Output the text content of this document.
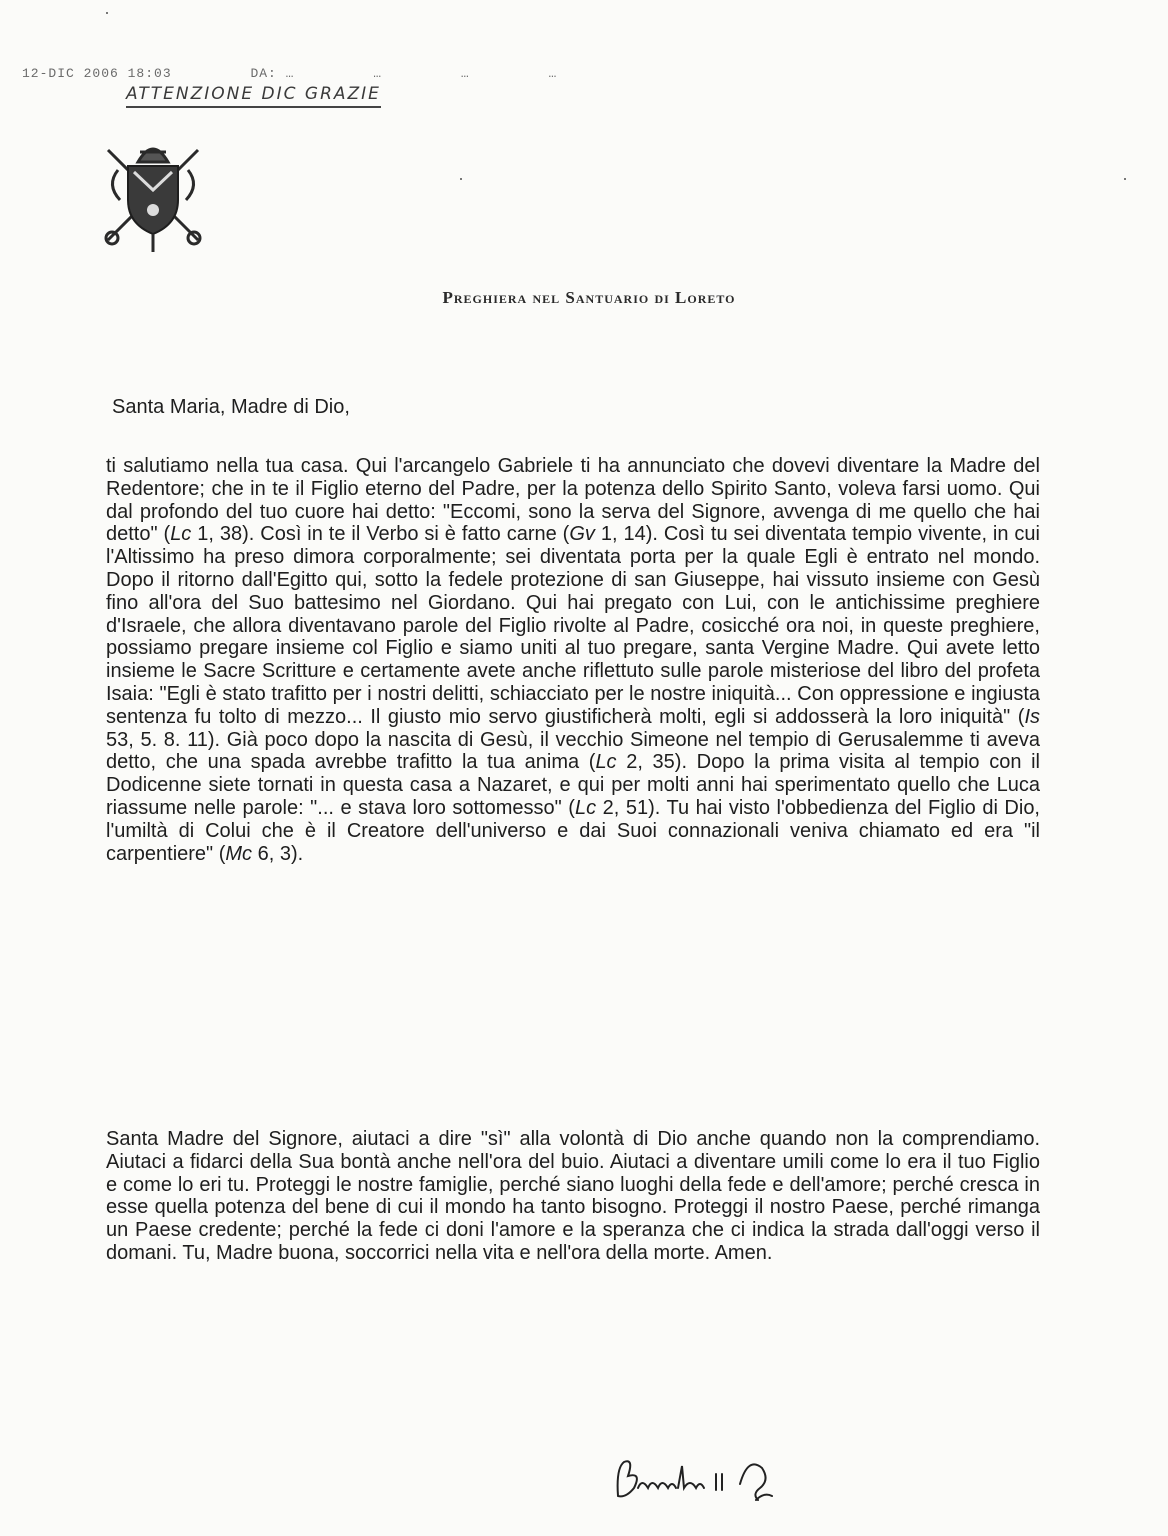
12-DIC 2006 18:03	DA: …	…	…	…
ATTENZIONE DIC GRAZIE
Preghiera nel Santuario di Loreto
Santa Maria, Madre di Dio,

ti salutiamo nella tua casa. Qui l'arcangelo Gabriele ti ha annunciato che dovevi diventare la Madre del Redentore; che in te il Figlio eterno del Padre, per la potenza dello Spirito Santo, voleva farsi uomo. Qui dal profondo del tuo cuore hai detto: "Eccomi, sono la serva del Signore, avvenga di me quello che hai detto" (Lc 1, 38). Così in te il Verbo si è fatto carne (Gv 1, 14). Così tu sei diventata tempio vivente, in cui l'Altissimo ha preso dimora corporalmente; sei diventata porta per la quale Egli è entrato nel mondo. Dopo il ritorno dall'Egitto qui, sotto la fedele protezione di san Giuseppe, hai vissuto insieme con Gesù fino all'ora del Suo battesimo nel Giordano. Qui hai pregato con Lui, con le antichissime preghiere d'Israele, che allora diventavano parole del Figlio rivolte al Padre, cosicché ora noi, in queste preghiere, possiamo pregare insieme col Figlio e siamo uniti al tuo pregare, santa Vergine Madre. Qui avete letto insieme le Sacre Scritture e certamente avete anche riflettuto sulle parole misteriose del libro del profeta Isaia: "Egli è stato trafitto per i nostri delitti, schiacciato per le nostre iniquità... Con oppressione e ingiusta sentenza fu tolto di mezzo... Il giusto mio servo giustificherà molti, egli si addosserà la loro iniquità" (Is 53, 5. 8. 11). Già poco dopo la nascita di Gesù, il vecchio Simeone nel tempio di Gerusalemme ti aveva detto, che una spada avrebbe trafitto la tua anima (Lc 2, 35). Dopo la prima visita al tempio con il Dodicenne siete tornati in questa casa a Nazaret, e qui per molti anni hai sperimentato quello che Luca riassume nelle parole: "... e stava loro sottomesso" (Lc 2, 51). Tu hai visto l'obbedienza del Figlio di Dio, l'umiltà di Colui che è il Creatore dell'universo e dai Suoi connazionali veniva chiamato ed era "il carpentiere" (Mc 6, 3).

Santa Madre del Signore, aiutaci a dire "sì" alla volontà di Dio anche quando non la comprendiamo. Aiutaci a fidarci della Sua bontà anche nell'ora del buio. Aiutaci a diventare umili come lo era il tuo Figlio e come lo eri tu. Proteggi le nostre famiglie, perché siano luoghi della fede e dell'amore; perché cresca in esse quella potenza del bene di cui il mondo ha tanto bisogno. Proteggi il nostro Paese, perché rimanga un Paese credente; perché la fede ci doni l'amore e la speranza che ci indica la strada dall'oggi verso il domani. Tu, Madre buona, soccorrici nella vita e nell'ora della morte. Amen.
